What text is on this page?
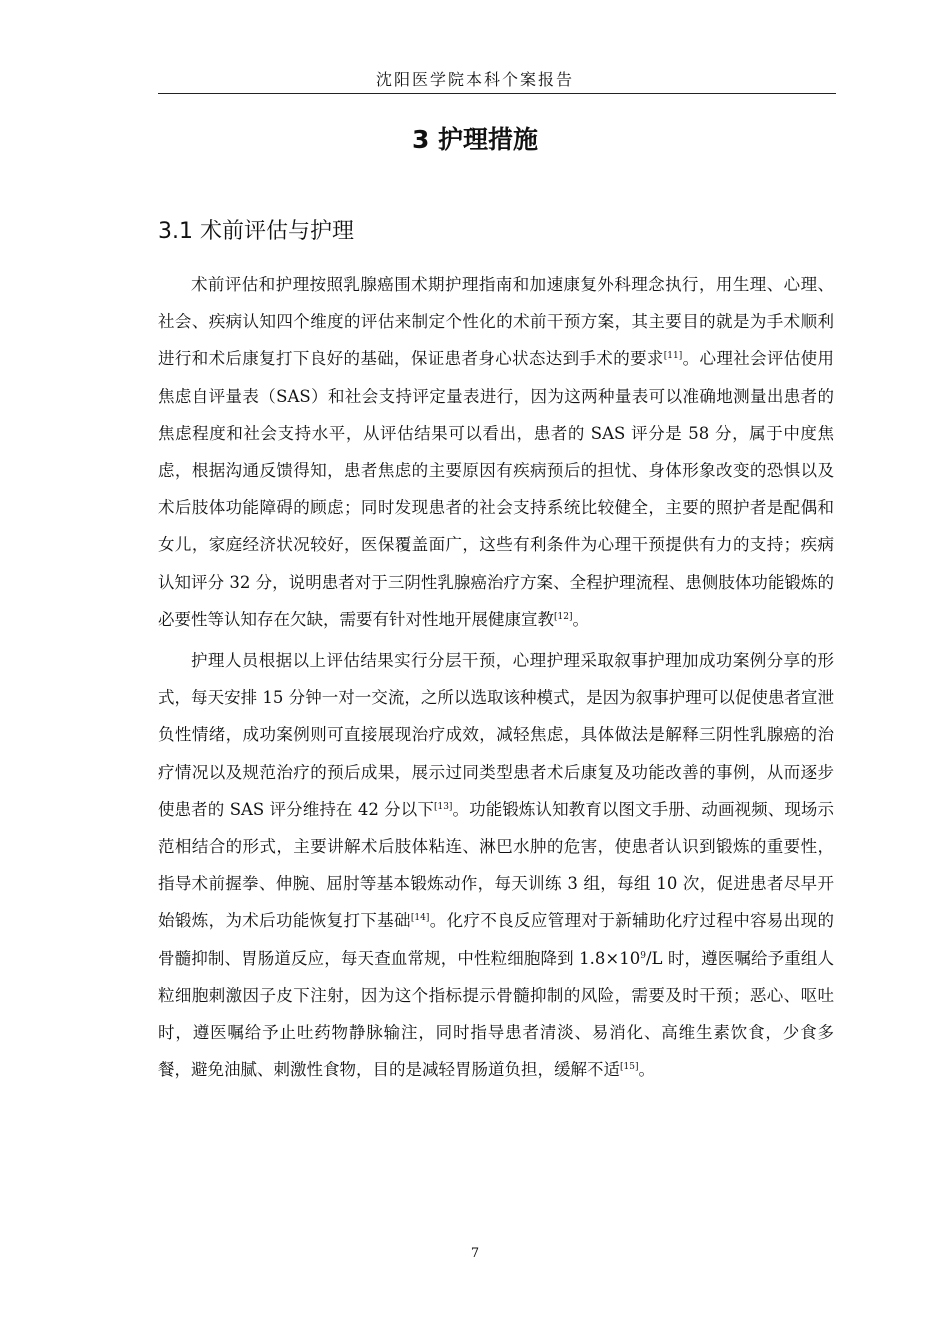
沈阳医学院本科个案报告
3 护理措施
3.1 术前评估与护理

术前评估和护理按照乳腺癌围术期护理指南和加速康复外科理念执行，用生理、心理、社会、疾病认知四个维度的评估来制定个性化的术前干预方案，其主要目的就是为手术顺利进行和术后康复打下良好的基础，保证患者身心状态达到手术的要求[11]。心理社会评估使用焦虑自评量表（SAS）和社会支持评定量表进行，因为这两种量表可以准确地测量出患者的焦虑程度和社会支持水平，从评估结果可以看出，患者的 SAS 评分是 58 分，属于中度焦虑，根据沟通反馈得知，患者焦虑的主要原因有疾病预后的担忧、身体形象改变的恐惧以及术后肢体功能障碍的顾虑；同时发现患者的社会支持系统比较健全，主要的照护者是配偶和女儿，家庭经济状况较好，医保覆盖面广，这些有利条件为心理干预提供有力的支持；疾病认知评分 32 分，说明患者对于三阴性乳腺癌治疗方案、全程护理流程、患侧肢体功能锻炼的必要性等认知存在欠缺，需要有针对性地开展健康宣教[12]。

护理人员根据以上评估结果实行分层干预，心理护理采取叙事护理加成功案例分享的形式，每天安排 15 分钟一对一交流，之所以选取该种模式，是因为叙事护理可以促使患者宣泄负性情绪，成功案例则可直接展现治疗成效，减轻焦虑，具体做法是解释三阴性乳腺癌的治疗情况以及规范治疗的预后成果，展示过同类型患者术后康复及功能改善的事例，从而逐步使患者的 SAS 评分维持在 42 分以下[13]。功能锻炼认知教育以图文手册、动画视频、现场示范相结合的形式，主要讲解术后肢体粘连、淋巴水肿的危害，使患者认识到锻炼的重要性，指导术前握拳、伸腕、屈肘等基本锻炼动作，每天训练 3 组，每组 10 次，促进患者尽早开始锻炼，为术后功能恢复打下基础[14]。化疗不良反应管理对于新辅助化疗过程中容易出现的骨髓抑制、胃肠道反应，每天查血常规，中性粒细胞降到 $1.8\times 10^9/L$ 时，遵医嘱给予重组人粒细胞刺激因子皮下注射，因为这个指标提示骨髓抑制的风险，需要及时干预；恶心、呕吐时，遵医嘱给予止吐药物静脉输注，同时指导患者清淡、易消化、高维生素饮食，少食多餐，避免油腻、刺激性食物，目的是减轻胃肠道负担，缓解不适[15]。

7
